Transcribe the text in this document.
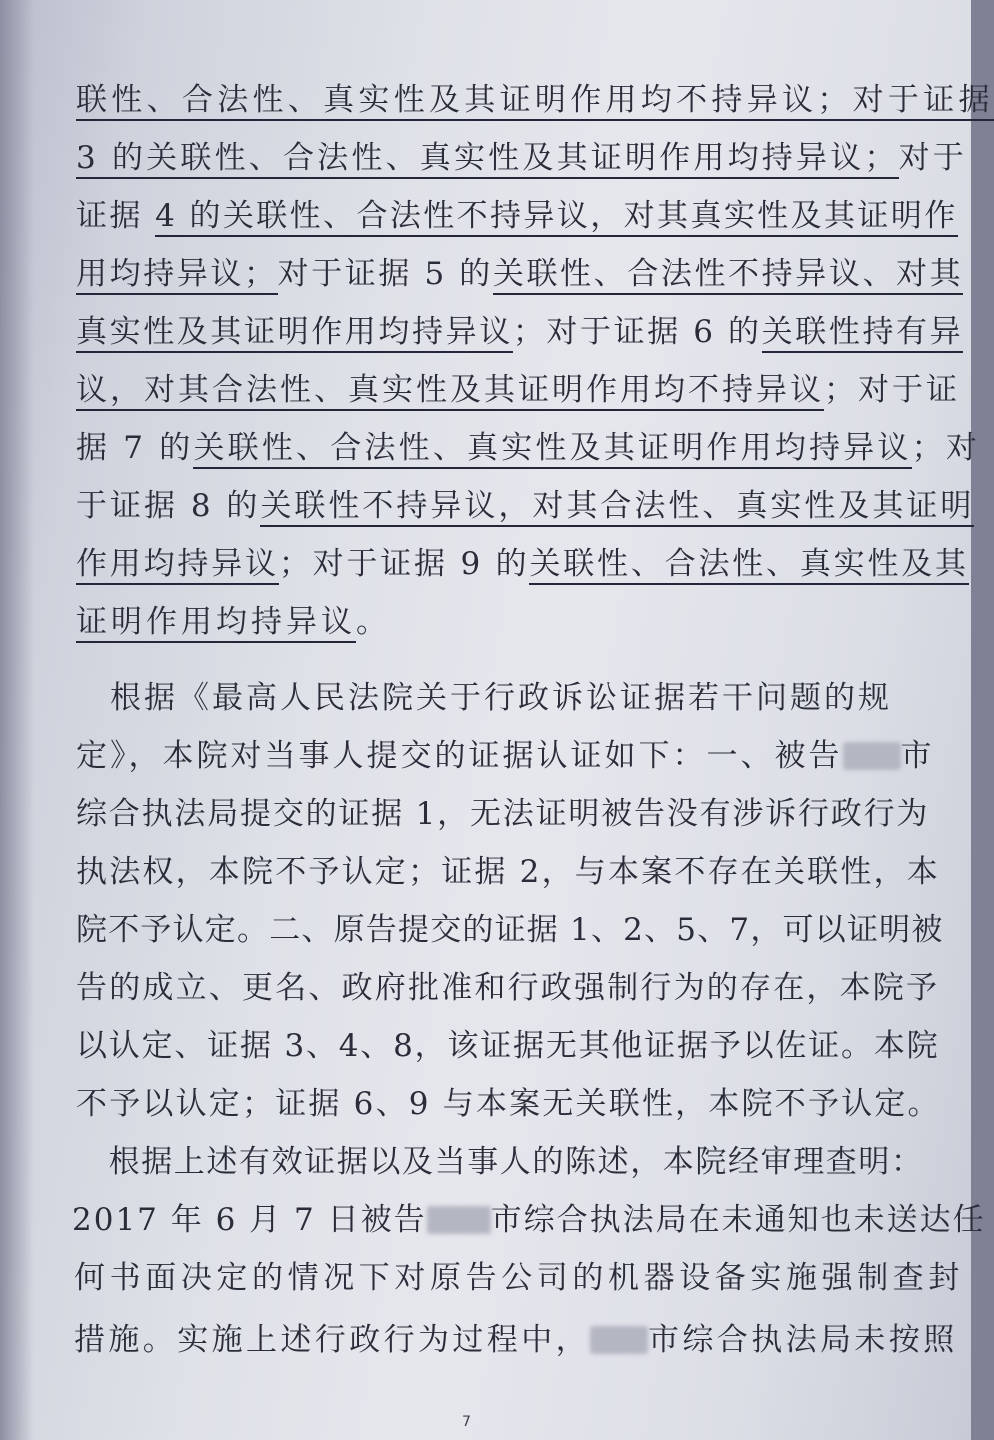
联性、合法性、真实性及其证明作用均不持异议；对于证据
3 的关联性、合法性、真实性及其证明作用均持异议；对于
证据 4 的关联性、合法性不持异议，对其真实性及其证明作
用均持异议；对于证据 5 的关联性、合法性不持异议、对其
真实性及其证明作用均持异议；对于证据 6 的关联性持有异
议，对其合法性、真实性及其证明作用均不持异议；对于证
据 7 的关联性、合法性、真实性及其证明作用均持异议；对
于证据 8 的关联性不持异议，对其合法性、真实性及其证明
作用均持异议；对于证据 9 的关联性、合法性、真实性及其
证明作用均持异议。
　根据《最高人民法院关于行政诉讼证据若干问题的规
定》，本院对当事人提交的证据认证如下：一、被告 市
综合执法局提交的证据 1，无法证明被告没有涉诉行政行为
执法权，本院不予认定；证据 2，与本案不存在关联性，本
院不予认定。二、原告提交的证据 1、2、5、7，可以证明被
告的成立、更名、政府批准和行政强制行为的存在，本院予
以认定、证据 3、4、8，该证据无其他证据予以佐证。本院
不予以认定；证据 6、9 与本案无关联性，本院不予认定。
　根据上述有效证据以及当事人的陈述，本院经审理查明：
2017 年 6 月 7 日被告 市综合执法局在未通知也未送达任
何书面决定的情况下对原告公司的机器设备实施强制查封
措施。实施上述行政行为过程中， 市综合执法局未按照
7
